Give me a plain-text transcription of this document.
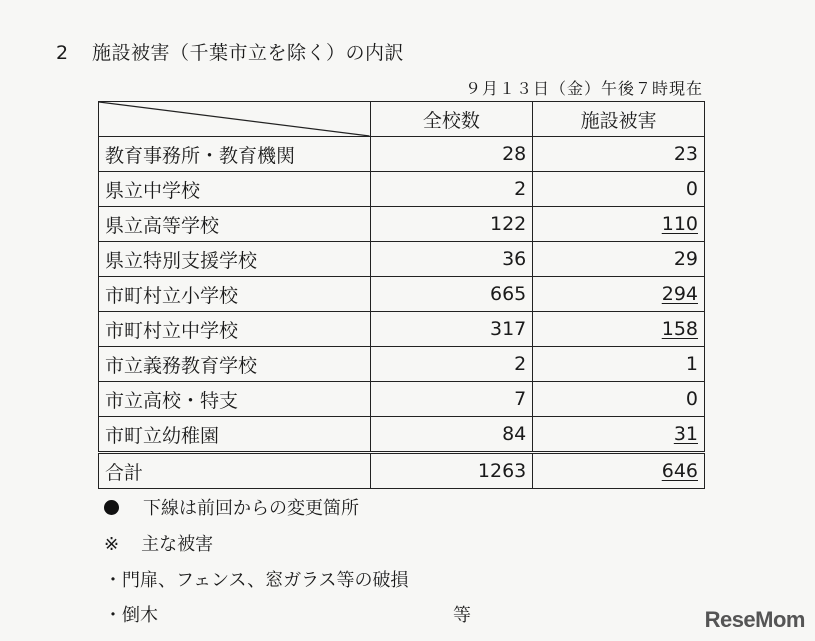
2 施設被害（千葉市立を除く）の内訳
９月１３日（金）午後７時現在
	全校数	施設被害
教育事務所・教育機関	28	23
県立中学校	2	0
県立高等学校	122	110
県立特別支援学校	36	29
市町村立小学校	665	294
市町村立中学校	317	158
市立義務教育学校	2	1
市立高校・特支	7	0
市町立幼稚園	84	31
合計	1263	646
下線は前回からの変更箇所
※ 主な被害
・門扉、フェンス、窓ガラス等の破損
・倒木	等	ReseMom
